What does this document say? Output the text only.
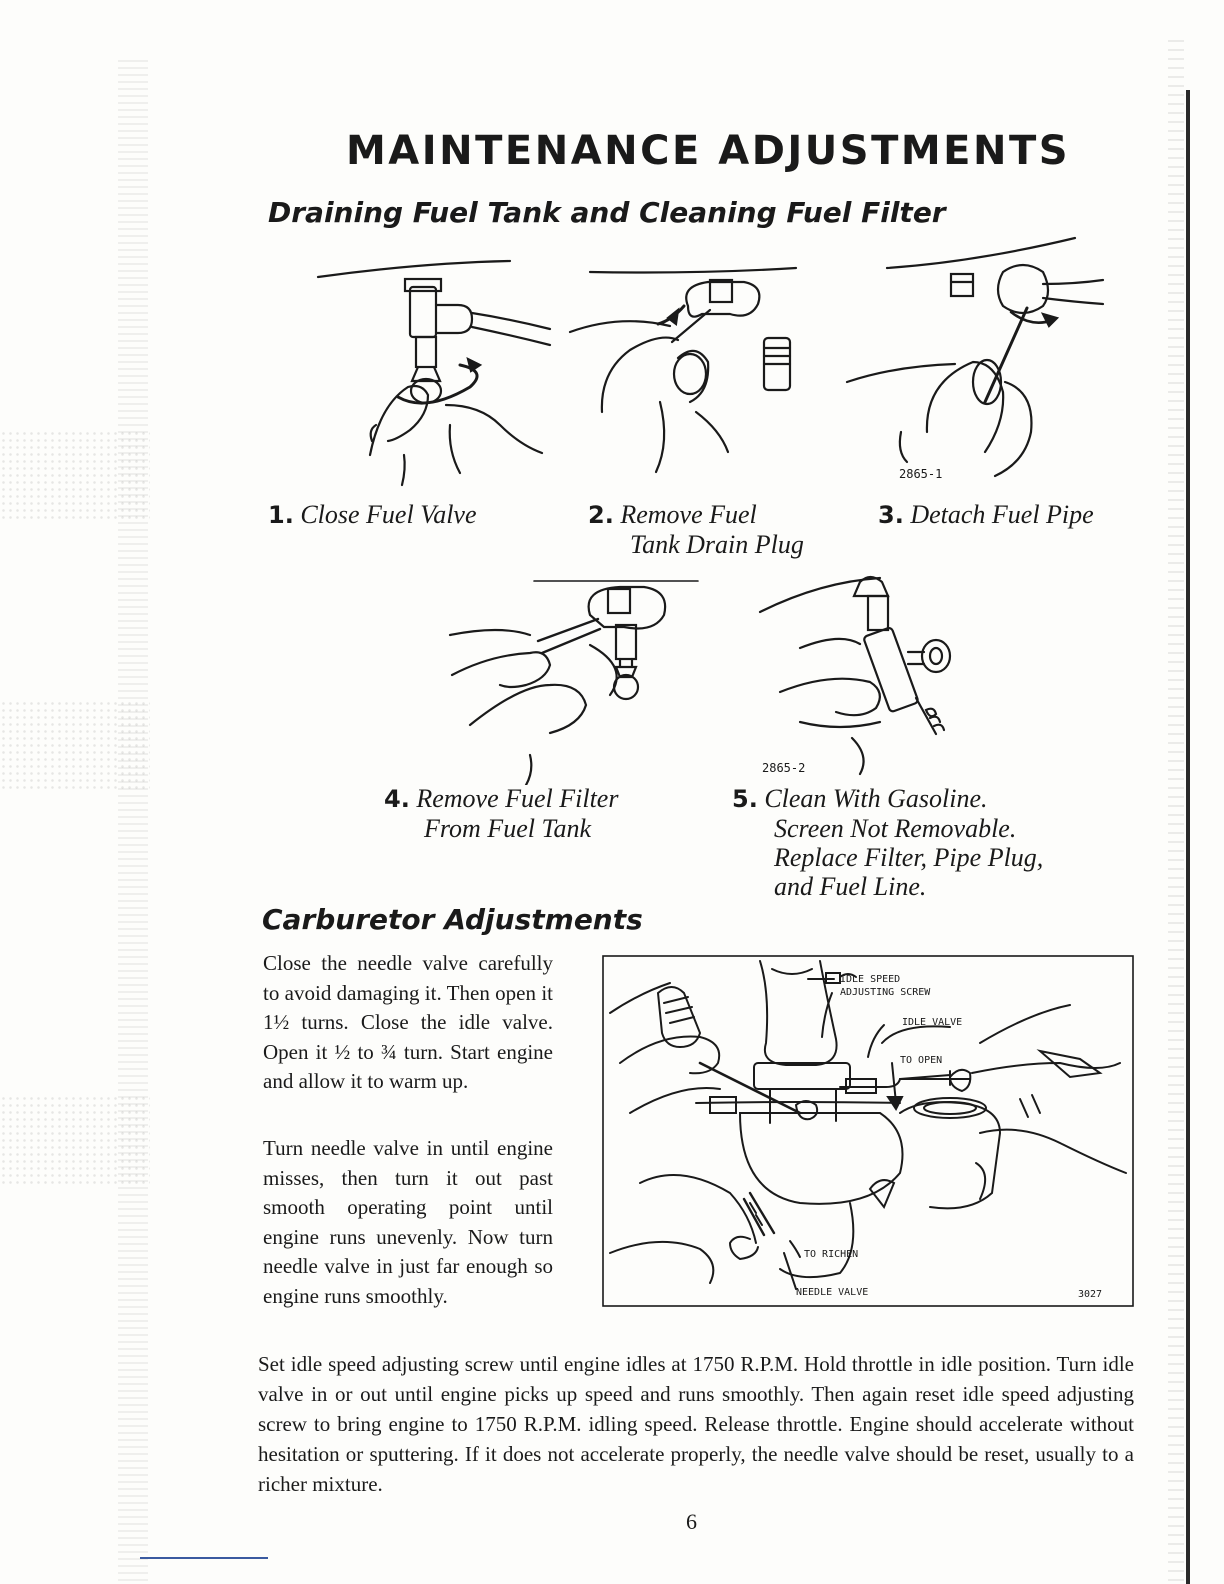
MAINTENANCE ADJUSTMENTS
Draining Fuel Tank and Cleaning Fuel Filter
2865-1
1. Close Fuel Valve	2. Remove Fuel
Tank Drain Plug
3. Detach Fuel Pipe
2865-2
4. Remove Fuel Filter
From Fuel Tank
5. Clean With Gasoline.
Screen Not Removable.
Replace Filter, Pipe Plug,
and Fuel Line.
Carburetor Adjustments

Close the needle valve carefully to avoid damaging it. Then open it 1½ turns. Close the idle valve. Open it ½ to ¾ turn. Start engine and allow it to warm up.

Turn needle valve in until engine misses, then turn it out past smooth operating point until engine runs unevenly. Now turn needle valve in just far enough so engine runs smoothly.

IDLE SPEED
ADJUSTING SCREW
IDLE VALVE
TO OPEN
TO RICHEN
NEEDLE VALVE	3027

Set idle speed adjusting screw until engine idles at 1750 R.P.M. Hold throttle in idle position. Turn idle valve in or out until engine picks up speed and runs smoothly. Then again reset idle speed adjusting screw to bring engine to 1750 R.P.M. idling speed. Release throttle. Engine should accelerate without hesitation or sputtering. If it does not accelerate properly, the needle valve should be reset, usually to a richer mixture.

6
